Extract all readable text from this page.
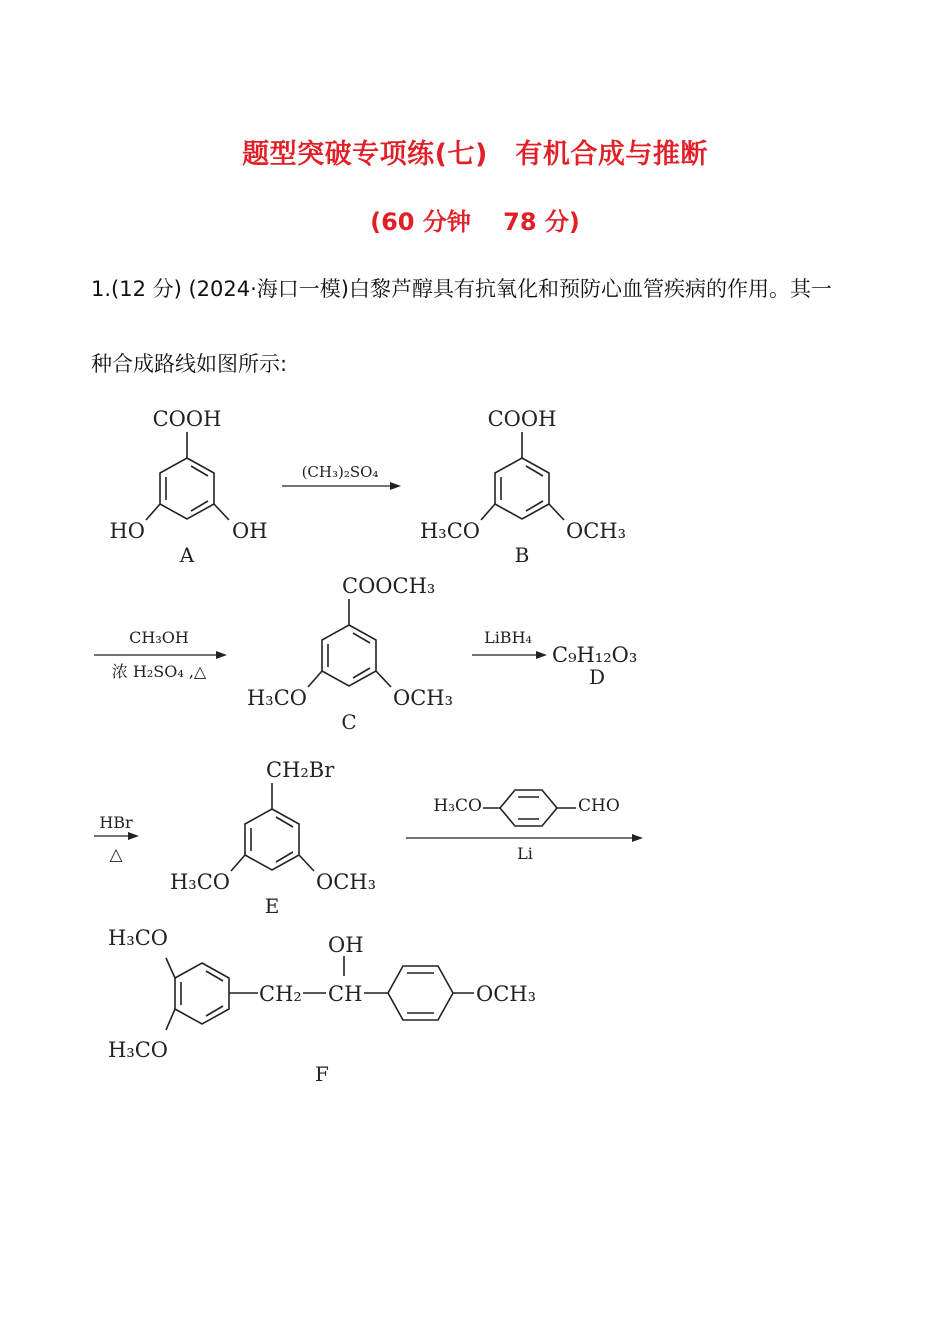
题型突破专项练(七)　有机合成与推断
(60 分钟　 78 分)
1.(12 分) (2024·海口一模)白黎芦醇具有抗氧化和预防心血管疾病的作用。其一
种合成路线如图所示:
COOH
HO	OH
A
(CH₃)₂SO₄
COOH
H₃CO	OCH₃
B
CH₃OH
浓 H₂SO₄ ,△
COOCH₃
H₃CO	OCH₃
C
LiBH₄
C₉H₁₂O₃
D
HBr
△
CH₂Br
H₃CO	OCH₃
E
H₃CO	CHO
Li
H₃CO
H₃CO
CH₂ CH
OH
OCH₃
F
